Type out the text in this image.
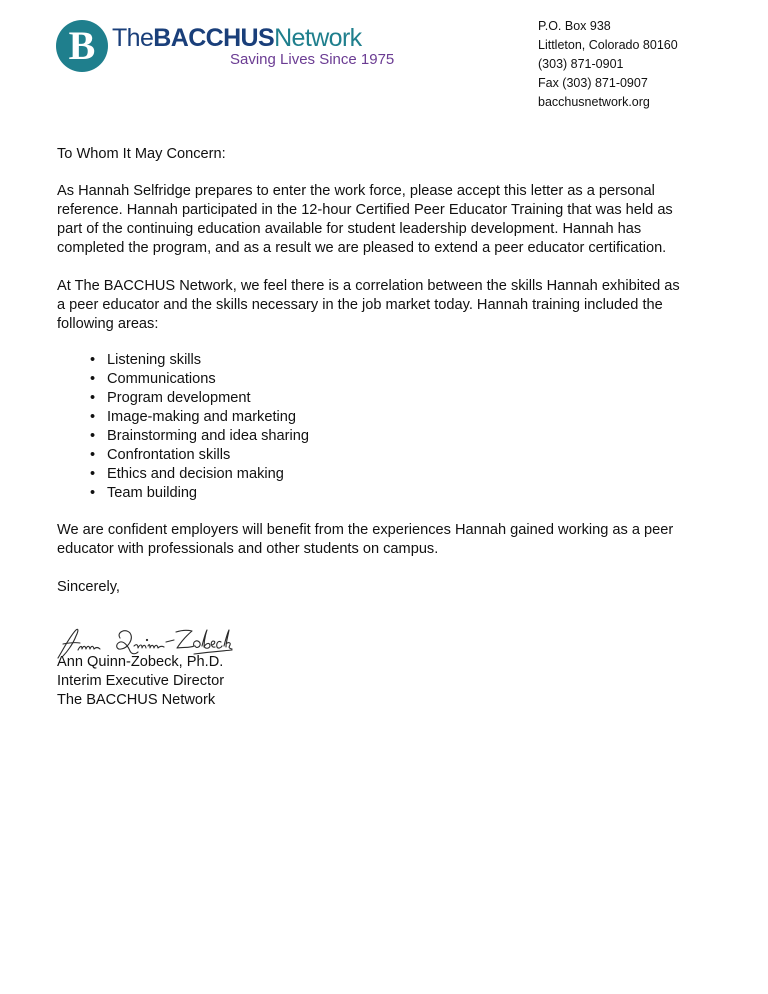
B TheBACCHUSNetwork
Saving Lives Since 1975
P.O. Box 938
Littleton, Colorado 80160
(303) 871-0901
Fax (303) 871-0907
bacchusnetwork.org
To Whom It May Concern:
As Hannah Selfridge prepares to enter the work force, please accept this letter as a personal
reference. Hannah participated in the 12-hour Certified Peer Educator Training that was held as
part of the continuing education available for student leadership development. Hannah has
completed the program, and as a result we are pleased to extend a peer educator certification.
At The BACCHUS Network, we feel there is a correlation between the skills Hannah exhibited as
a peer educator and the skills necessary in the job market today. Hannah training included the
following areas:
• Listening skills
• Communications
• Program development
• Image-making and marketing
• Brainstorming and idea sharing
• Confrontation skills
• Ethics and decision making
• Team building
We are confident employers will benefit from the experiences Hannah gained working as a peer
educator with professionals and other students on campus.
Sincerely,
Ann Quinn-Zobeck, Ph.D.
Interim Executive Director
The BACCHUS Network
